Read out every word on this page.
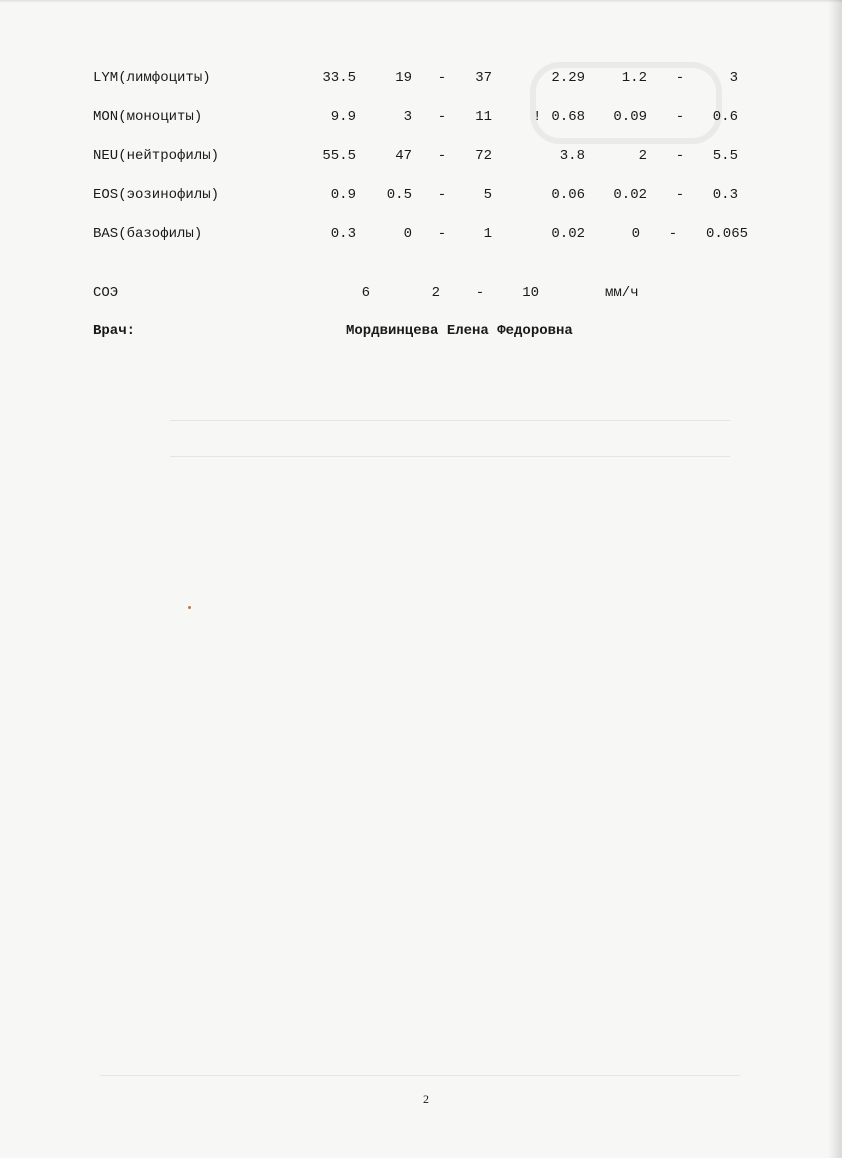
LYM(лимфоциты)	33.5	19	-	37	2.29	1.2	-	3
MON(моноциты)	9.9	3	-	11	! 0.68	0.09	-	0.6
NEU(нейтрофилы)	55.5	47	-	72	3.8	2	-	5.5
EOS(эозинофилы)	0.9	0.5	-	5	0.06	0.02	-	0.3
BAS(базофилы)	0.3	0	-	1	0.02	0	-	0.065
СОЭ	6	2	-	10	мм/ч
Врач:	Мордвинцева Елена Федоровна
2
